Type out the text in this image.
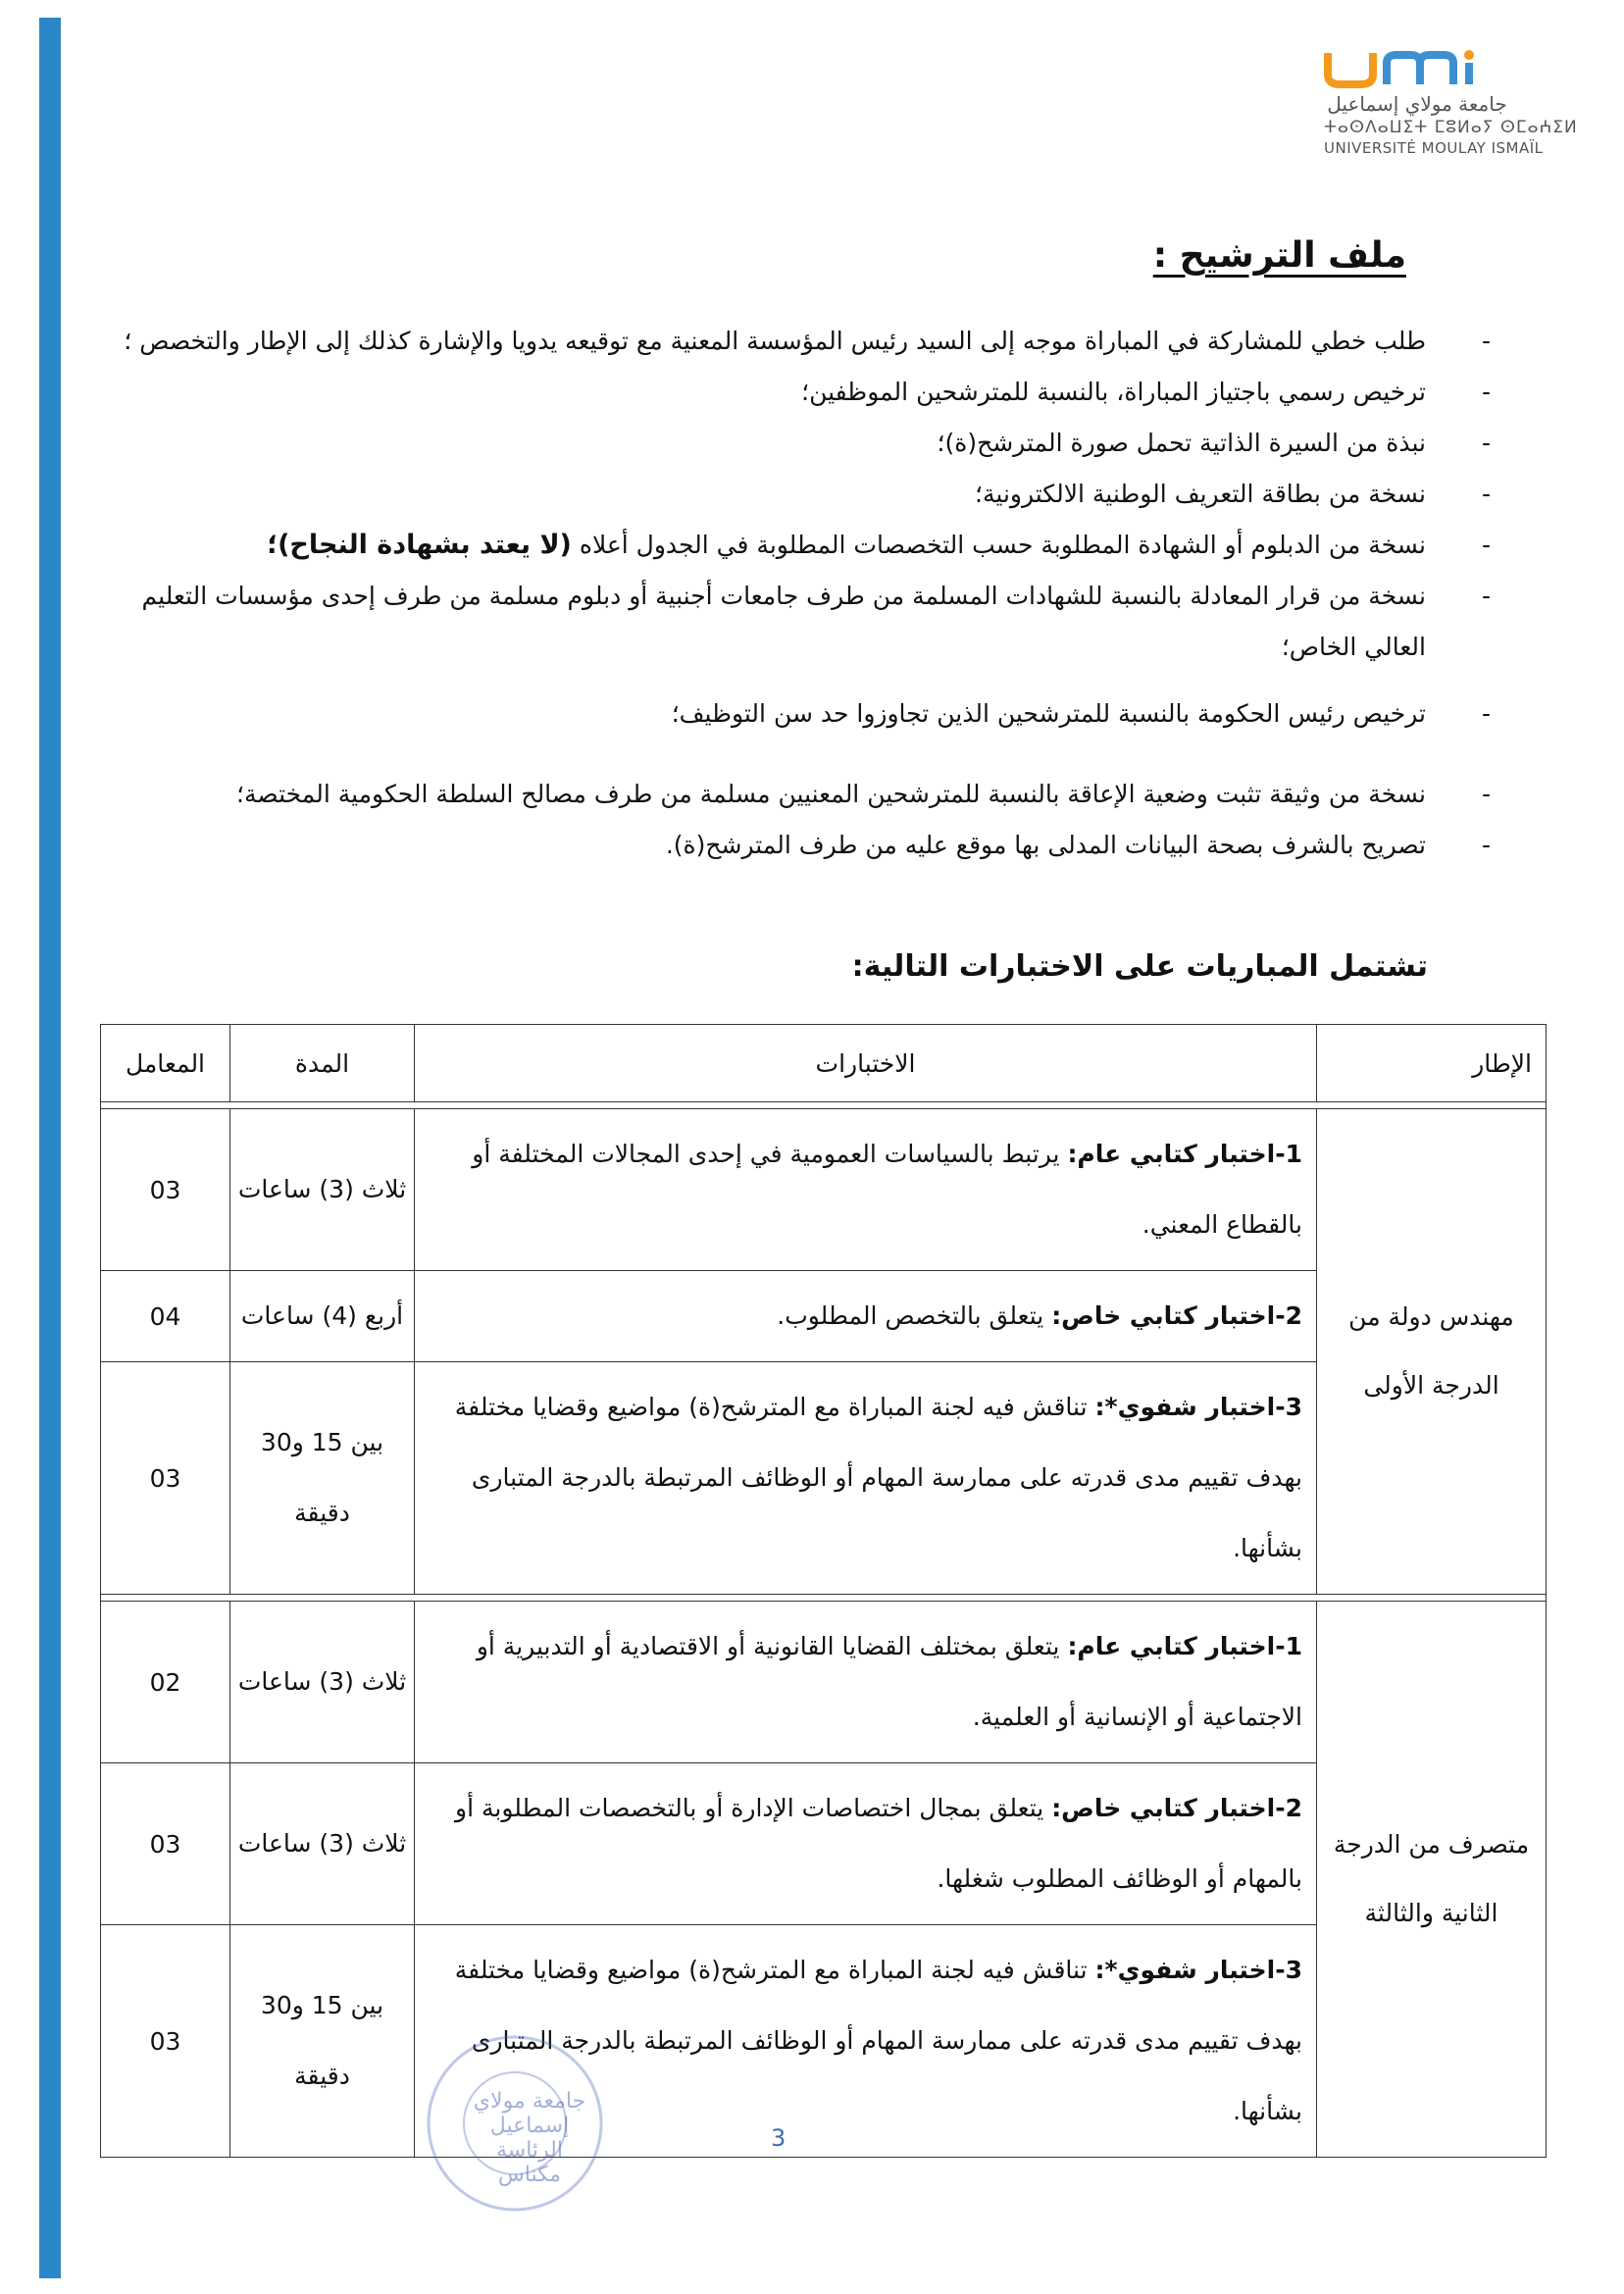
جامعة مولاي إسماعيل
ⵜⴰⵙⴷⴰⵡⵉⵜ ⵎⵓⵍⴰⵢ ⵙⵎⴰⵄⵉⵍ
UNIVERSITÉ MOULAY ISMAÏL
ملف الترشيح :
- طلب خطي للمشاركة في المباراة موجه إلى السيد رئيس المؤسسة المعنية مع توقيعه يدويا والإشارة كذلك إلى الإطار والتخصص ؛
- ترخيص رسمي باجتياز المباراة، بالنسبة للمترشحين الموظفين؛
- نبذة من السيرة الذاتية تحمل صورة المترشح(ة)؛
- نسخة من بطاقة التعريف الوطنية الالكترونية؛
- نسخة من الدبلوم أو الشهادة المطلوبة حسب التخصصات المطلوبة في الجدول أعلاه (لا يعتد بشهادة النجاح)؛
- نسخة من قرار المعادلة بالنسبة للشهادات المسلمة من طرف جامعات أجنبية أو دبلوم مسلمة من طرف إحدى مؤسسات التعليم العالي الخاص؛
- ترخيص رئيس الحكومة بالنسبة للمترشحين الذين تجاوزوا حد سن التوظيف؛
- نسخة من وثيقة تثبت وضعية الإعاقة بالنسبة للمترشحين المعنيين مسلمة من طرف مصالح السلطة الحكومية المختصة؛
- تصريح بالشرف بصحة البيانات المدلى بها موقع عليه من طرف المترشح(ة).
تشتمل المباريات على الاختبارات التالية:
الإطار	الاختبارات	المدة	المعامل

مهندس دولة من الدرجة الأولى	1-اختبار كتابي عام: يرتبط بالسياسات العمومية في إحدى المجالات المختلفة أو بالقطاع المعني.	ثلاث (3) ساعات	03
	2-اختبار كتابي خاص: يتعلق بالتخصص المطلوب.	أربع (4) ساعات	04
	3-اختبار شفوي*: تناقش فيه لجنة المباراة مع المترشح(ة) مواضيع وقضايا مختلفة بهدف تقييم مدى قدرته على ممارسة المهام أو الوظائف المرتبطة بالدرجة المتبارى بشأنها.	بين 15 و30 دقيقة	03

متصرف من الدرجة الثانية والثالثة	1-اختبار كتابي عام: يتعلق بمختلف القضايا القانونية أو الاقتصادية أو التدبيرية أو الاجتماعية أو الإنسانية أو العلمية.	ثلاث (3) ساعات	02
	2-اختبار كتابي خاص: يتعلق بمجال اختصاصات الإدارة أو بالتخصصات المطلوبة أو بالمهام أو الوظائف المطلوب شغلها.	ثلاث (3) ساعات	03
	3-اختبار شفوي*: تناقش فيه لجنة المباراة مع المترشح(ة) مواضيع وقضايا مختلفة بهدف تقييم مدى قدرته على ممارسة المهام أو الوظائف المرتبطة بالدرجة المتبارى بشأنها.	بين 15 و30 دقيقة	03
جامعة مولاي إسماعيل الرئاسة مكناس
3
